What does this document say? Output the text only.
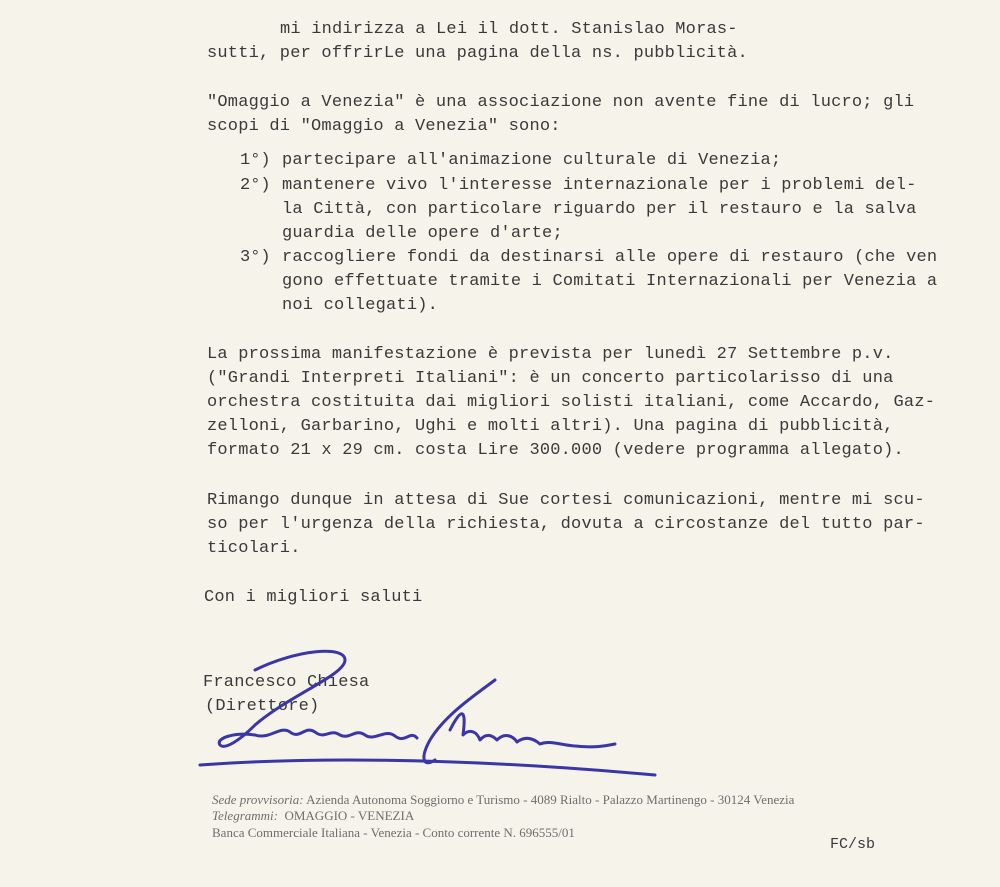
mi indirizza a Lei il dott. Stanislao Moras-
sutti, per offrirLe una pagina della ns. pubblicità.
"Omaggio a Venezia" è una associazione non avente fine di lucro; gli
scopi di "Omaggio a Venezia" sono:
1°) partecipare all'animazione culturale di Venezia;
2°) mantenere vivo l'interesse internazionale per i problemi del-
la Città, con particolare riguardo per il restauro e la salva
guardia delle opere d'arte;
3°) raccogliere fondi da destinarsi alle opere di restauro (che ven
gono effettuate tramite i Comitati Internazionali per Venezia a
noi collegati).
La prossima manifestazione è prevista per lunedì 27 Settembre p.v.
("Grandi Interpreti Italiani": è un concerto particolarisso di una
orchestra costituita dai migliori solisti italiani, come Accardo, Gaz-
zelloni, Garbarino, Ughi e molti altri). Una pagina di pubblicità,
formato 21 x 29 cm. costa Lire 300.000 (vedere programma allegato).
Rimango dunque in attesa di Sue cortesi comunicazioni, mentre mi scu-
so per l'urgenza della richiesta, dovuta a circostanze del tutto par-
ticolari.
Con i migliori saluti
Francesco Chiesa
(Direttore)
Sede provvisoria: Azienda Autonoma Soggiorno e Turismo - 4089 Rialto - Palazzo Martinengo - 30124 Venezia
Telegrammi: OMAGGIO - VENEZIA
Banca Commerciale Italiana - Venezia - Conto corrente N. 696555/01
FC/sb
